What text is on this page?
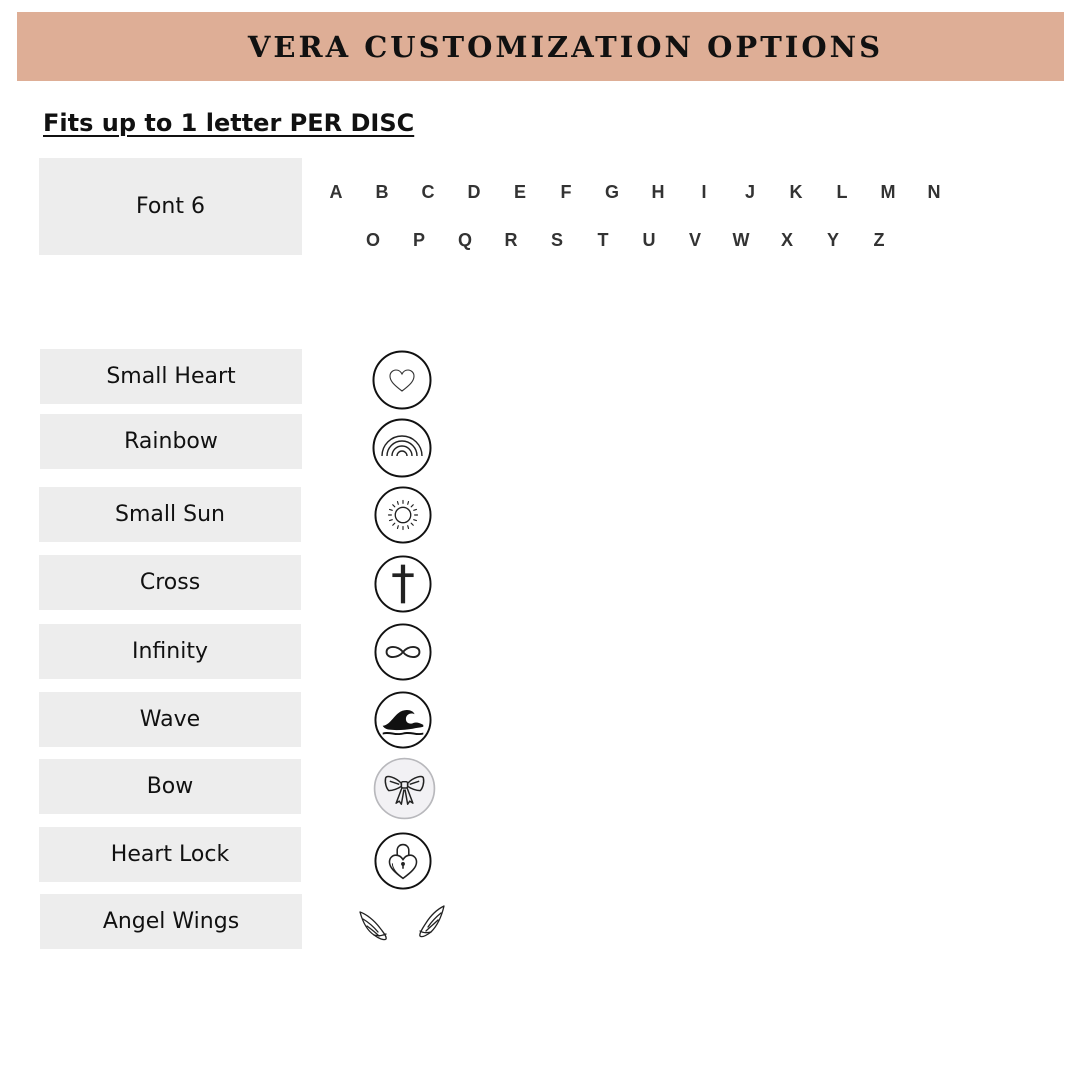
VERA CUSTOMIZATION OPTIONS
Fits up to 1 letter PER DISC
Font 6
A	B	C	D	E	F	G	H	I	J	K	L	M	N
O	P	Q	R	S	T	U	V	W	X	Y	Z
Small Heart
Rainbow
Small Sun
Cross
Infinity
Wave
Bow
Heart Lock
Angel Wings
